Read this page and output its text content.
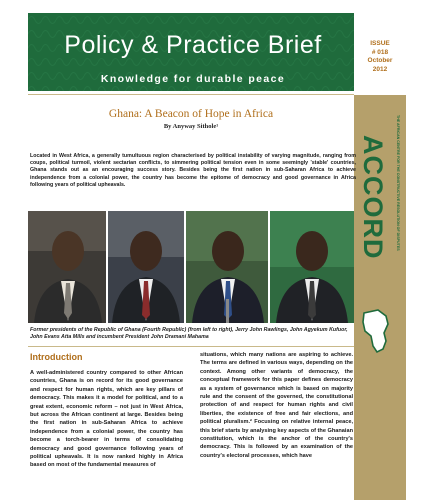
Policy & Practice Brief
Knowledge for durable peace
ISSUE
# 018
October
2012
THE AFRICAN CENTRE FOR THE CONSTRUCTIVE RESOLUTION OF DISPUTES
ACCORD
Ghana: A Beacon of Hope in Africa
By Anyway Sithole¹
Located in West Africa, a generally tumultuous region characterised by political instability of varying magnitude, ranging from coups, political turmoil, violent sectarian conflicts, to simmering political tension even in some seemingly 'stable' countries, Ghana stands out as an encouraging success story. Besides being the first nation in sub-Saharan Africa to achieve independence from a colonial power, the country has become the epitome of democracy and good governance in Africa following years of political upheavals.
Former presidents of the Republic of Ghana (Fourth Republic) (from left to right), Jerry John Rawlings, John Agyekum Kufuor, John Evans Atta Mills and incumbent President John Dramani Mahama
Introduction
A well-administered country compared to other African countries, Ghana is on record for its good governance and respect for human rights, which are key pillars of democracy. This makes it a model for political, and to a great extent, economic reform – not just in West Africa, but across the African continent at large. Besides being the first nation in sub-Saharan Africa to achieve independence from a colonial power, the country has become a torch-bearer in terms of consolidating democracy and good governance following years of political upheavals. It is now ranked highly in Africa based on most of the fundamental measures of
situations, which many nations are aspiring to achieve. The terms are defined in various ways, depending on the context. Among other variants of democracy, the conceptual framework for this paper defines democracy as a system of governance which is based on majority rule and the consent of the governed, the constitutional protection of and respect for human rights and civil liberties, the existence of free and fair elections, and political pluralism.² Focusing on relative internal peace, this brief starts by analysing key aspects of the Ghanaian constitution, which is the anchor of the country's democracy. This is followed by an examination of the country's electoral processes, which have
